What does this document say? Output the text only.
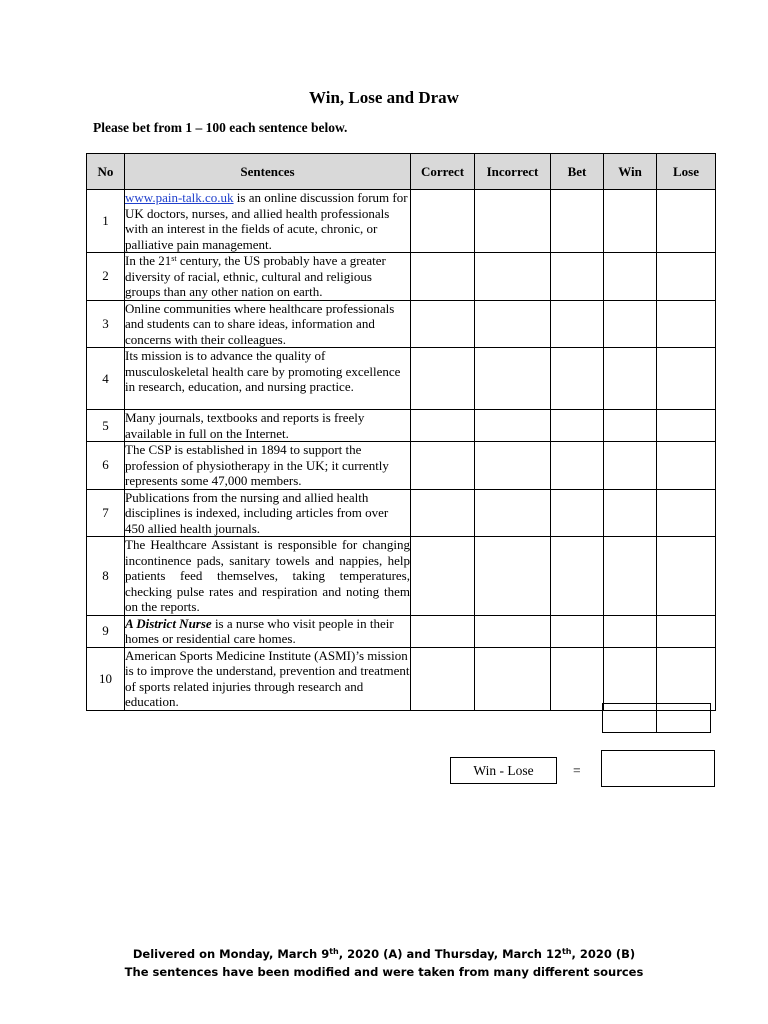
Win, Lose and Draw
Please bet from 1 – 100 each sentence below.
No	Sentences	Correct	Incorrect	Bet	Win	Lose
1	www.pain-talk.co.uk is an online discussion forum for UK doctors, nurses, and allied health professionals with an interest in the fields of acute, chronic, or palliative pain management.					
2	In the 21st century, the US probably have a greater diversity of racial, ethnic, cultural and religious groups than any other nation on earth.					
3	Online communities where healthcare professionals and students can to share ideas, information and concerns with their colleagues.					
4	Its mission is to advance the quality of musculoskeletal health care by promoting excellence in research, education, and nursing practice.					
5	Many journals, textbooks and reports is freely available in full on the Internet.					
6	The CSP is established in 1894 to support the profession of physiotherapy in the UK; it currently represents some 47,000 members.					
7	Publications from the nursing and allied health disciplines is indexed, including articles from over 450 allied health journals.					
8	The Healthcare Assistant is responsible for changing incontinence pads, sanitary towels and nappies, help patients feed themselves, taking temperatures, checking pulse rates and respiration and noting them on the reports.					
9	A District Nurse is a nurse who visit people in their homes or residential care homes.					
10	American Sports Medicine Institute (ASMI)’s mission is to improve the understand, prevention and treatment of sports related injuries through research and education.					

Win - Lose	=
Delivered on Monday, March 9th, 2020 (A) and Thursday, March 12th, 2020 (B)
The sentences have been modified and were taken from many different sources
